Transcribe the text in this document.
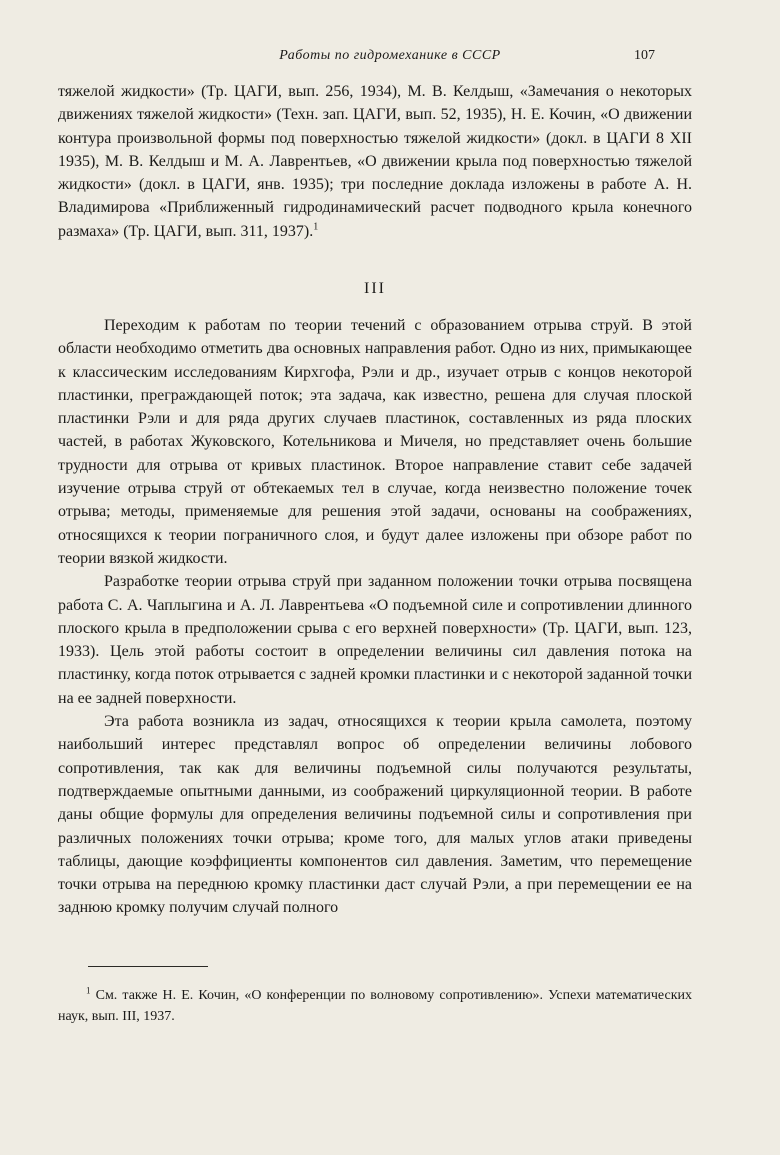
Работы по гидромеханике в СССР	107

тяжелой жидкости» (Тр. ЦАГИ, вып. 256, 1934), М. В. Келдыш, «Замечания о некоторых движениях тяжелой жидкости» (Техн. зап. ЦАГИ, вып. 52, 1935), Н. Е. Кочин, «О движении контура произвольной формы под поверхностью тяжелой жидкости» (докл. в ЦАГИ 8 XII 1935), М. В. Келдыш и М. А. Лаврентьев, «О движении крыла под поверхностью тяжелой жидкости» (докл. в ЦАГИ, янв. 1935); три последние доклада изложены в работе А. Н. Владимирова «Приближенный гидродинамический расчет подводного крыла конечного размаха» (Тр. ЦАГИ, вып. 311, 1937).$^1$

III

Переходим к работам по теории течений с образованием отрыва струй. В этой области необходимо отметить два основных направления работ. Одно из них, примыкающее к классическим исследованиям Кирхгофа, Рэли и др., изучает отрыв с концов некоторой пластинки, преграждающей поток; эта задача, как известно, решена для случая плоской пластинки Рэли и для ряда других случаев пластинок, составленных из ряда плоских частей, в работах Жуковского, Котельникова и Мичеля, но представляет очень большие трудности для отрыва от кривых пластинок. Второе направление ставит себе задачей изучение отрыва струй от обтекаемых тел в случае, когда неизвестно положение точек отрыва; методы, применяемые для решения этой задачи, основаны на соображениях, относящихся к теории пограничного слоя, и будут далее изложены при обзоре работ по теории вязкой жидкости.

Разработке теории отрыва струй при заданном положении точки отрыва посвящена работа С. А. Чаплыгина и А. Л. Лаврентьева «О подъемной силе и сопротивлении длинного плоского крыла в предположении срыва с его верхней поверхности» (Тр. ЦАГИ, вып. 123, 1933). Цель этой работы состоит в определении величины сил давления потока на пластинку, когда поток отрывается с задней кромки пластинки и с некоторой заданной точки на ее задней поверхности.

Эта работа возникла из задач, относящихся к теории крыла самолета, поэтому наибольший интерес представлял вопрос об определении величины лобового сопротивления, так как для величины подъемной силы получаются результаты, подтверждаемые опытными данными, из соображений циркуляционной теории. В работе даны общие формулы для определения величины подъемной силы и сопротивления при различных положениях точки отрыва; кроме того, для малых углов атаки приведены таблицы, дающие коэффициенты компонентов сил давления. Заметим, что перемещение точки отрыва на переднюю кромку пластинки даст случай Рэли, а при перемещении ее на заднюю кромку получим случай полного

$^1$ См. также Н. Е. Кочин, «О конференции по волновому сопротивлению». Успехи математических наук, вып. III, 1937.
